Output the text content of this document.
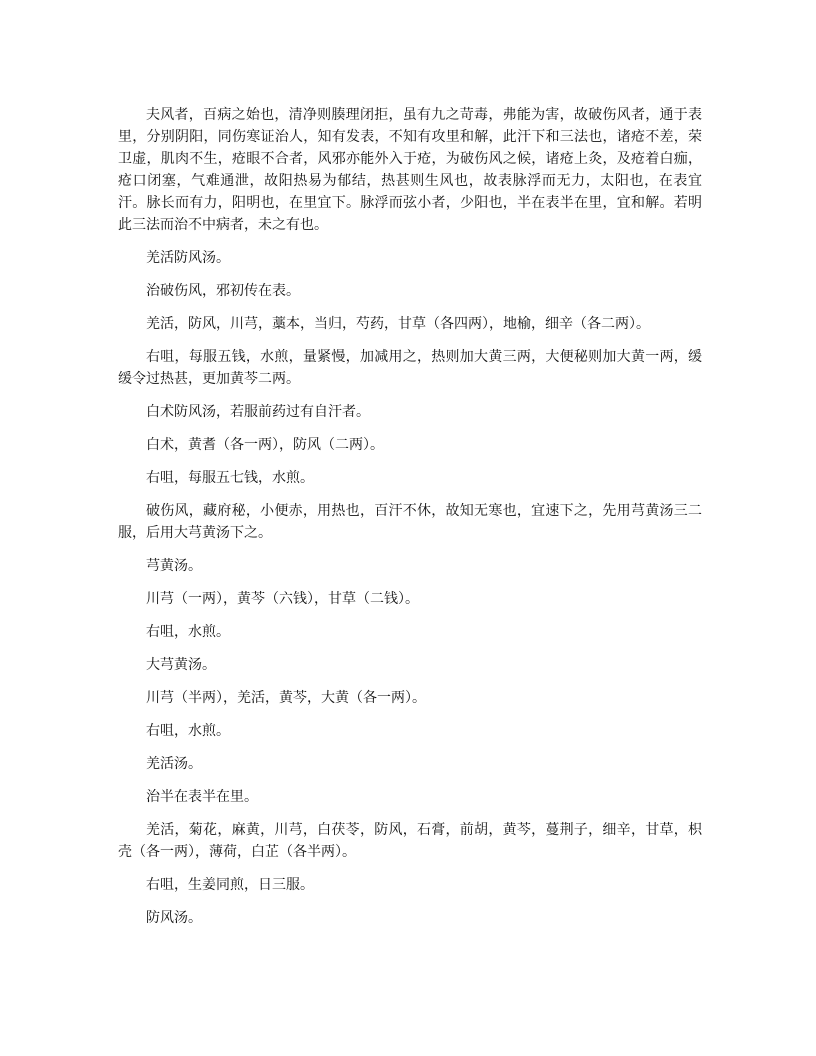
夫风者，百病之始也，清净则腠理闭拒，虽有九之苛毒，弗能为害，故破伤风者，通于表里，分别阴阳，同伤寒证治人，知有发表，不知有攻里和解，此汗下和三法也，诸疮不差，荣卫虚，肌肉不生，疮眼不合者，风邪亦能外入于疮，为破伤风之候，诸疮上灸，及疮着白痂，疮口闭塞，气难通泄，故阳热易为郁结，热甚则生风也，故表脉浮而无力，太阳也，在表宜汗。脉长而有力，阳明也，在里宜下。脉浮而弦小者，少阳也，半在表半在里，宜和解。若明此三法而治不中病者，未之有也。

羌活防风汤。

治破伤风，邪初传在表。

羌活，防风，川芎，藁本，当归，芍药，甘草（各四两），地榆，细辛（各二两）。

右咀，每服五钱，水煎，量紧慢，加减用之，热则加大黄三两，大便秘则加大黄一两，缓缓令过热甚，更加黄芩二两。

白术防风汤，若服前药过有自汗者。

白术，黄耆（各一两），防风（二两）。

右咀，每服五七钱，水煎。

破伤风，藏府秘，小便赤，用热也，百汗不休，故知无寒也，宜速下之，先用芎黄汤三二服，后用大芎黄汤下之。

芎黄汤。

川芎（一两），黄芩（六钱），甘草（二钱）。

右咀，水煎。

大芎黄汤。

川芎（半两），羌活，黄芩，大黄（各一两）。

右咀，水煎。

羌活汤。

治半在表半在里。

羌活，菊花，麻黄，川芎，白茯苓，防风，石膏，前胡，黄芩，蔓荆子，细辛，甘草，枳壳（各一两），薄荷，白芷（各半两）。

右咀，生姜同煎，日三服。

防风汤。
